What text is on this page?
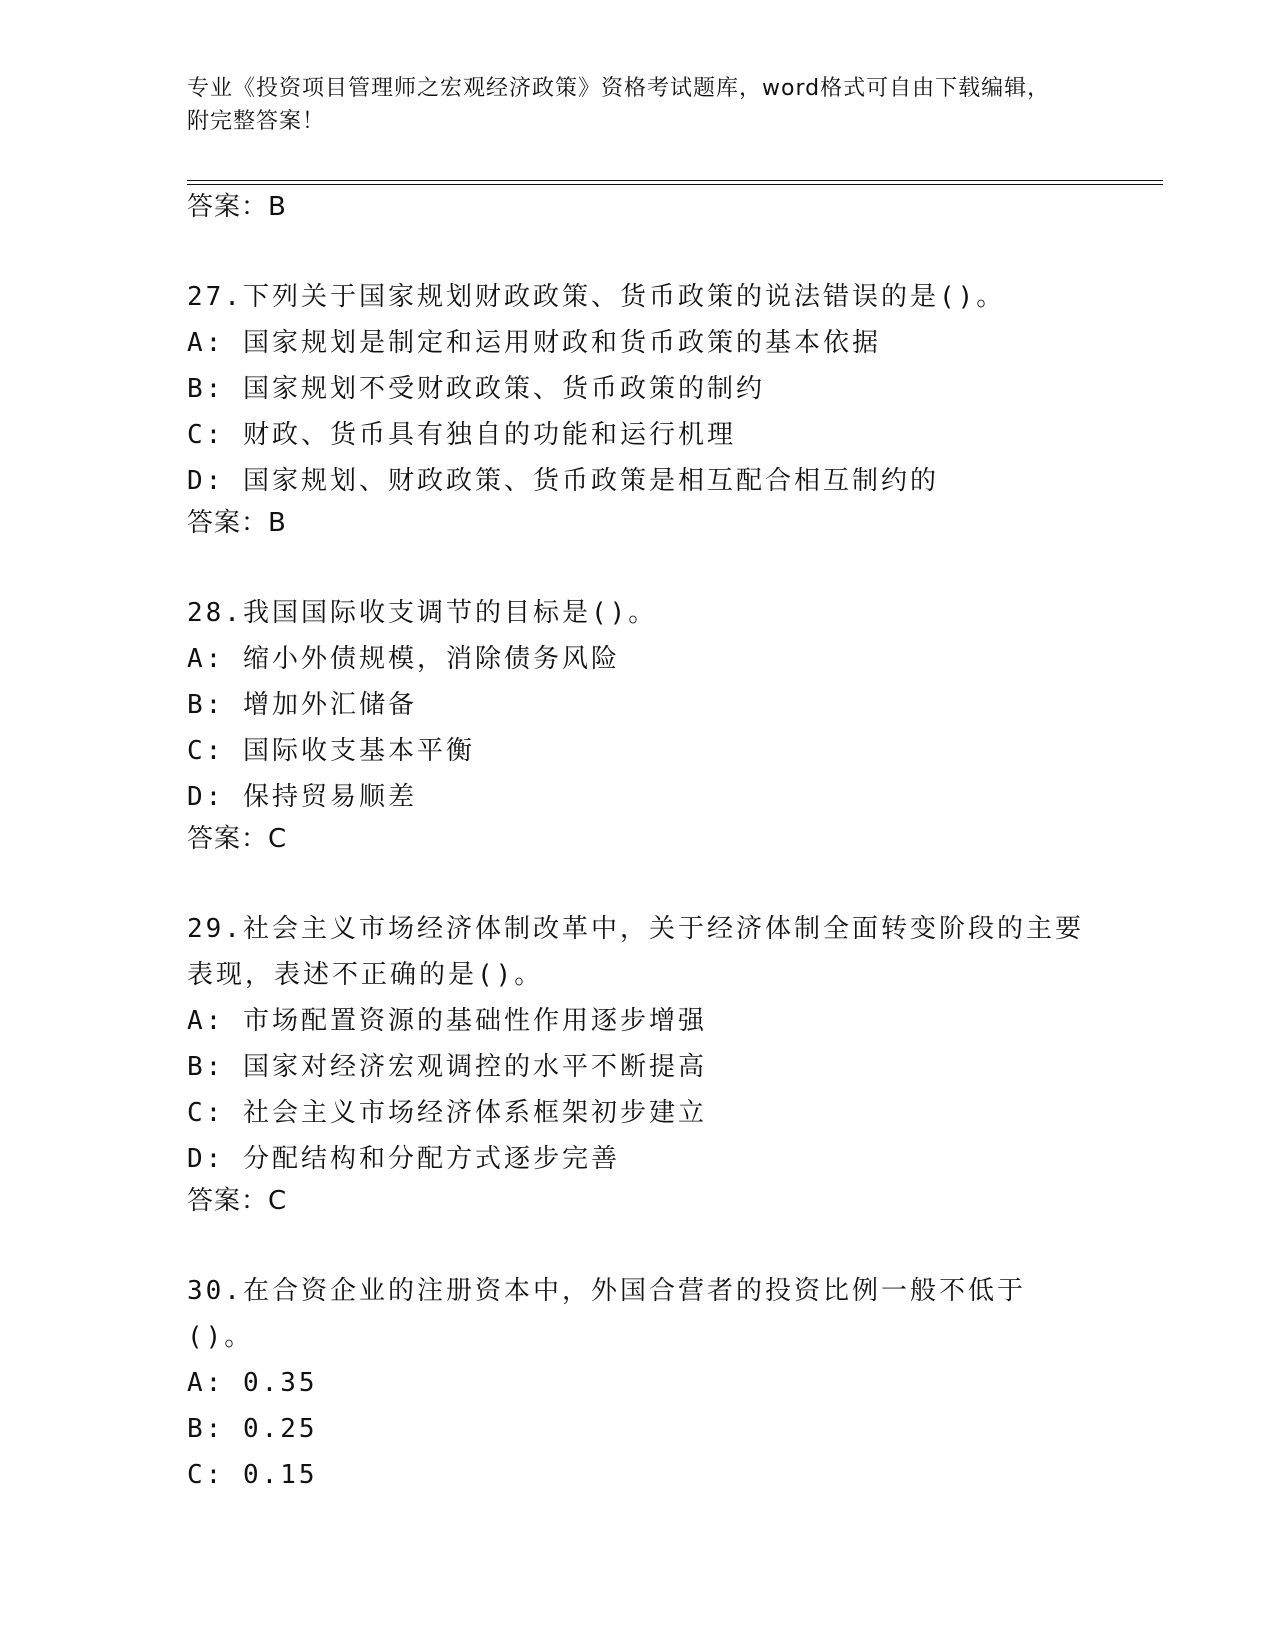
专业《投资项目管理师之宏观经济政策》资格考试题库，word格式可自由下载编辑，附完整答案！
答案：B
27.下列关于国家规划财政政策、货币政策的说法错误的是()。
A: 国家规划是制定和运用财政和货币政策的基本依据
B: 国家规划不受财政政策、货币政策的制约
C: 财政、货币具有独自的功能和运行机理
D: 国家规划、财政政策、货币政策是相互配合相互制约的
答案：B
28.我国国际收支调节的目标是()。
A: 缩小外债规模，消除债务风险
B: 增加外汇储备
C: 国际收支基本平衡
D: 保持贸易顺差
答案：C
29.社会主义市场经济体制改革中，关于经济体制全面转变阶段的主要表现，表述不正确的是()。
A: 市场配置资源的基础性作用逐步增强
B: 国家对经济宏观调控的水平不断提高
C: 社会主义市场经济体系框架初步建立
D: 分配结构和分配方式逐步完善
答案：C
30.在合资企业的注册资本中，外国合营者的投资比例一般不低于()。
A: 0.35
B: 0.25
C: 0.15
